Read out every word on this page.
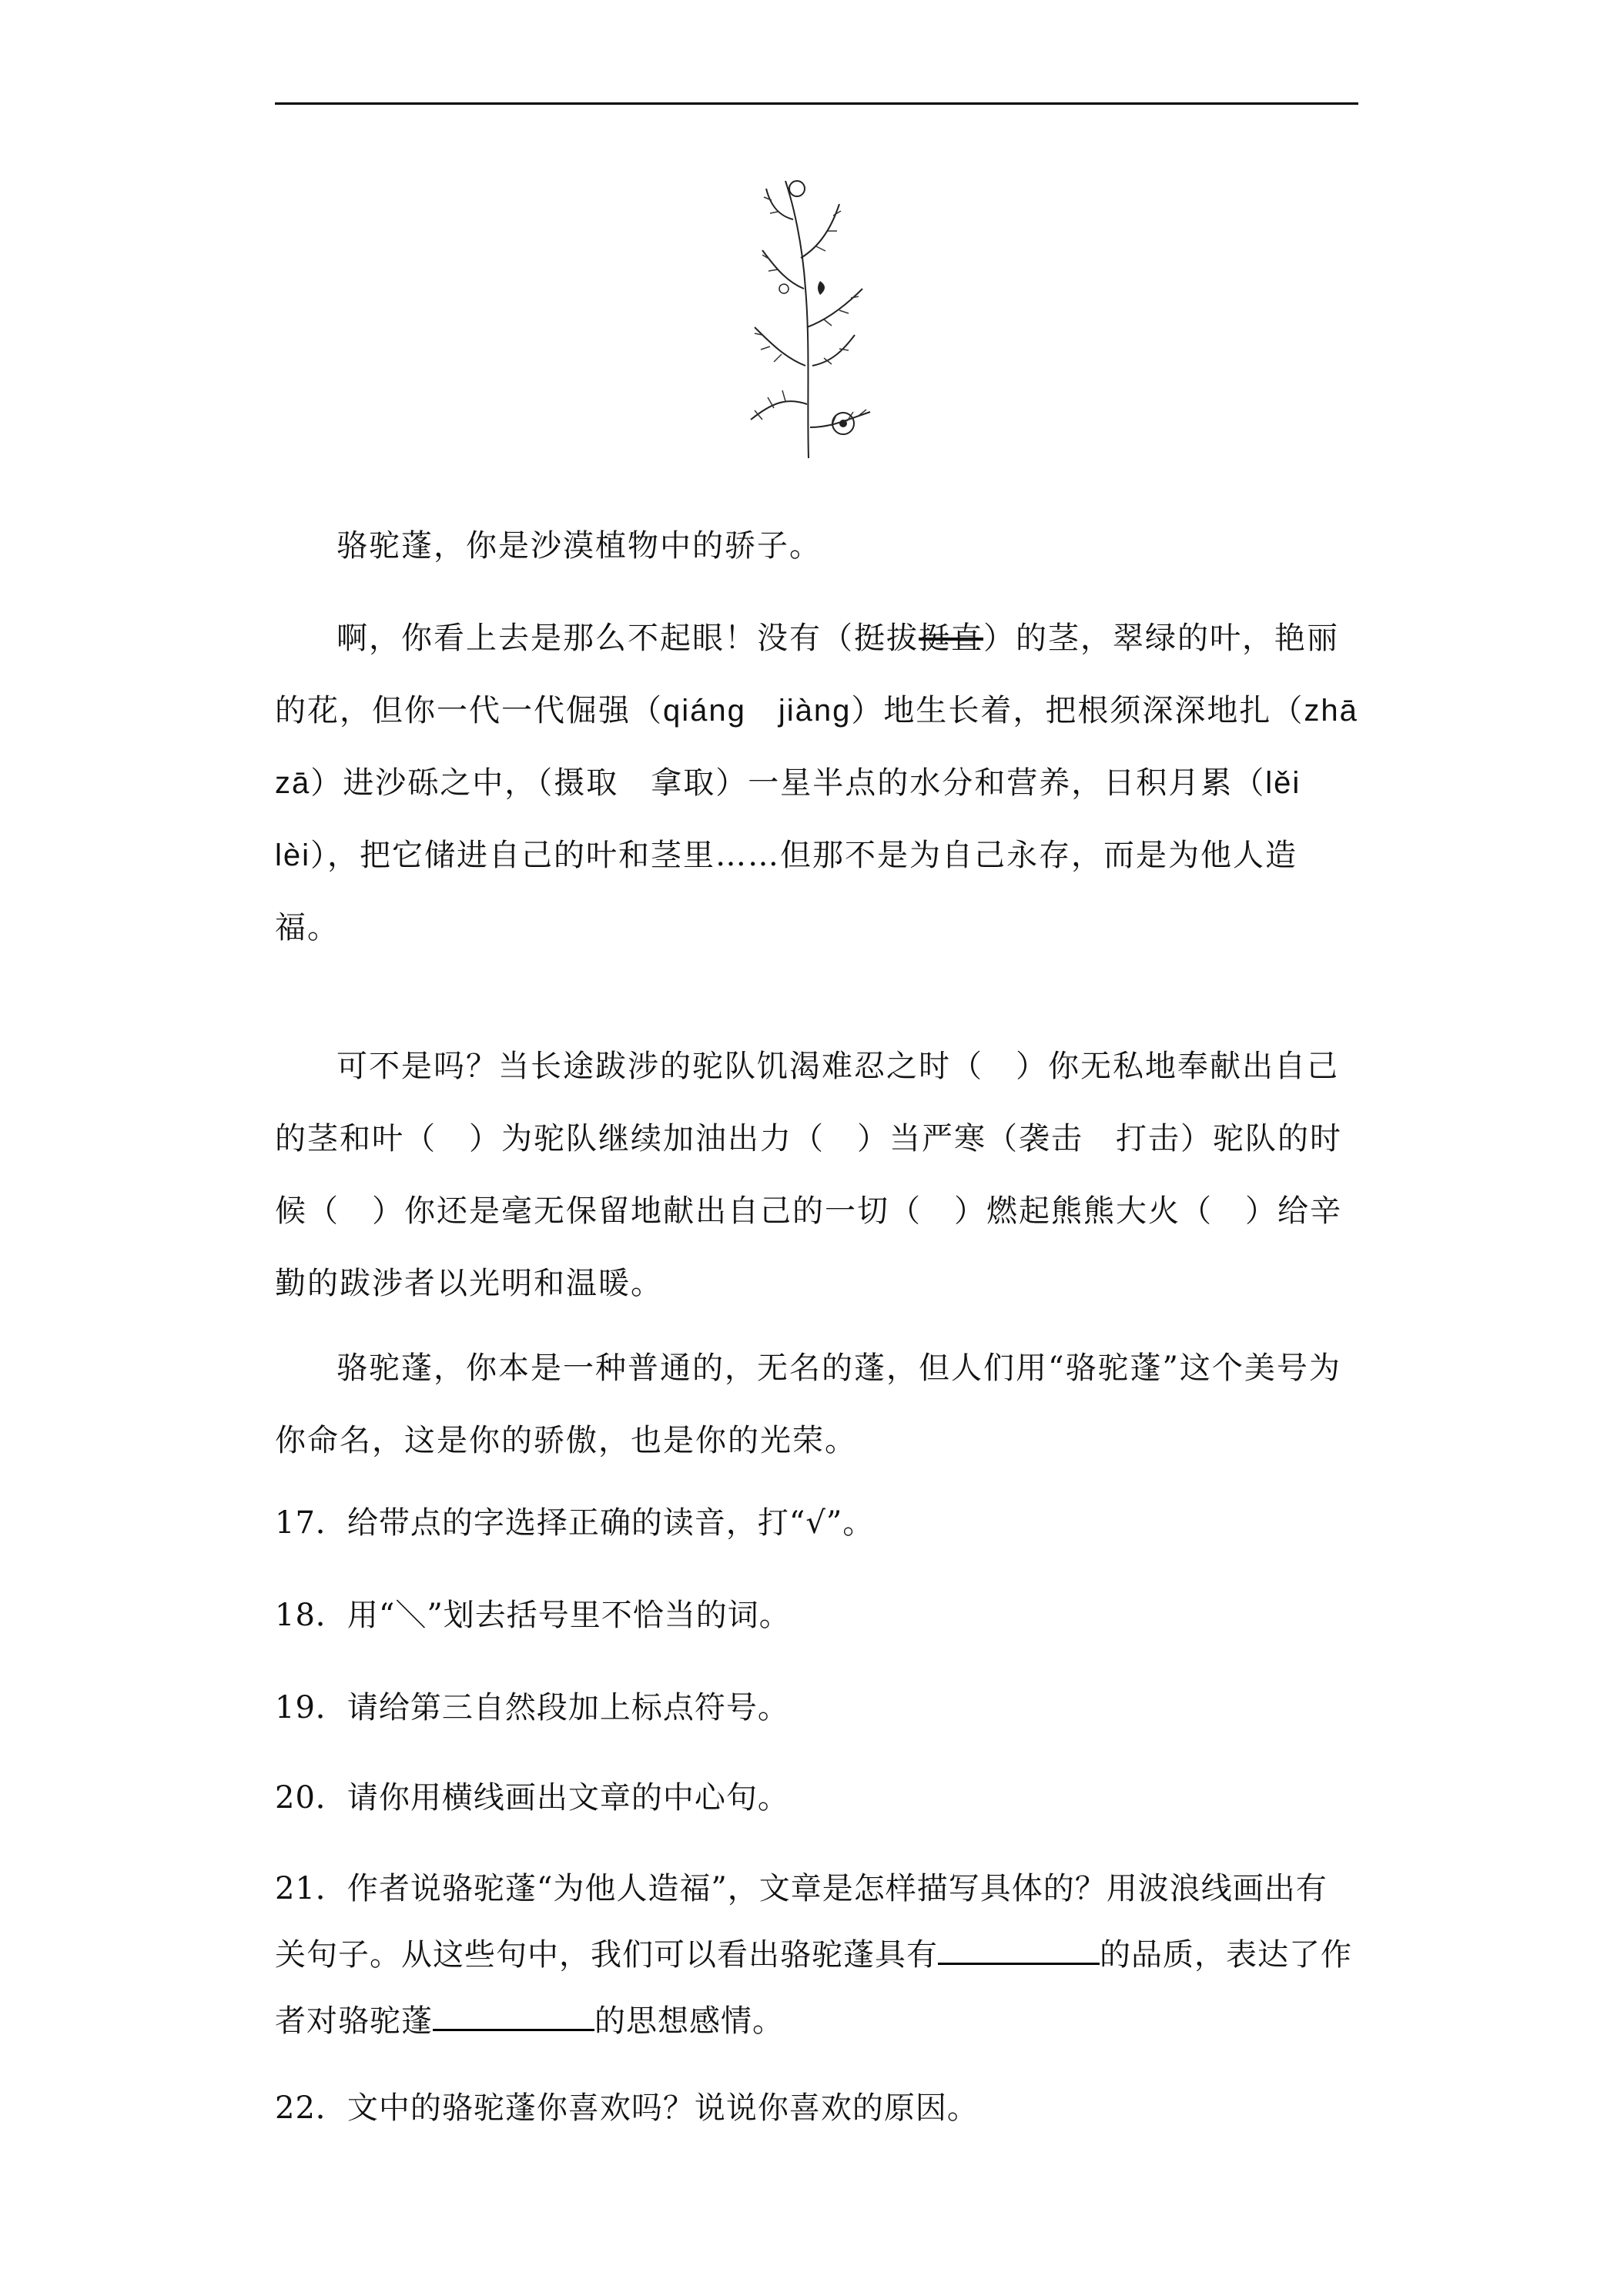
骆驼蓬，你是沙漠植物中的骄子。
啊，你看上去是那么不起眼！没有（挺拔挺直）的茎，翠绿的叶，艳丽的花，但你一代一代倔强（qiáng　jiàng）地生长着，把根须深深地扎（zhā　zā）进沙砾之中，（摄取　拿取）一星半点的水分和营养，日积月累（lěi　lèi），把它储进自己的叶和茎里……但那不是为自己永存，而是为他人造福。
可不是吗？当长途跋涉的驼队饥渴难忍之时（　）你无私地奉献出自己的茎和叶（　）为驼队继续加油出力（　）当严寒（袭击　打击）驼队的时候（　）你还是毫无保留地献出自己的一切（　）燃起熊熊大火（　）给辛勤的跋涉者以光明和温暖。
骆驼蓬，你本是一种普通的，无名的蓬，但人们用“骆驼蓬”这个美号为你命名，这是你的骄傲，也是你的光荣。
17．给带点的字选择正确的读音，打“√”。
18．用“＼”划去括号里不恰当的词。
19．请给第三自然段加上标点符号。
20．请你用横线画出文章的中心句。
21．作者说骆驼蓬“为他人造福”，文章是怎样描写具体的？用波浪线画出有关句子。从这些句中，我们可以看出骆驼蓬具有	的品质，表达了作者对骆驼蓬	的思想感情。
22．文中的骆驼蓬你喜欢吗？说说你喜欢的原因。
